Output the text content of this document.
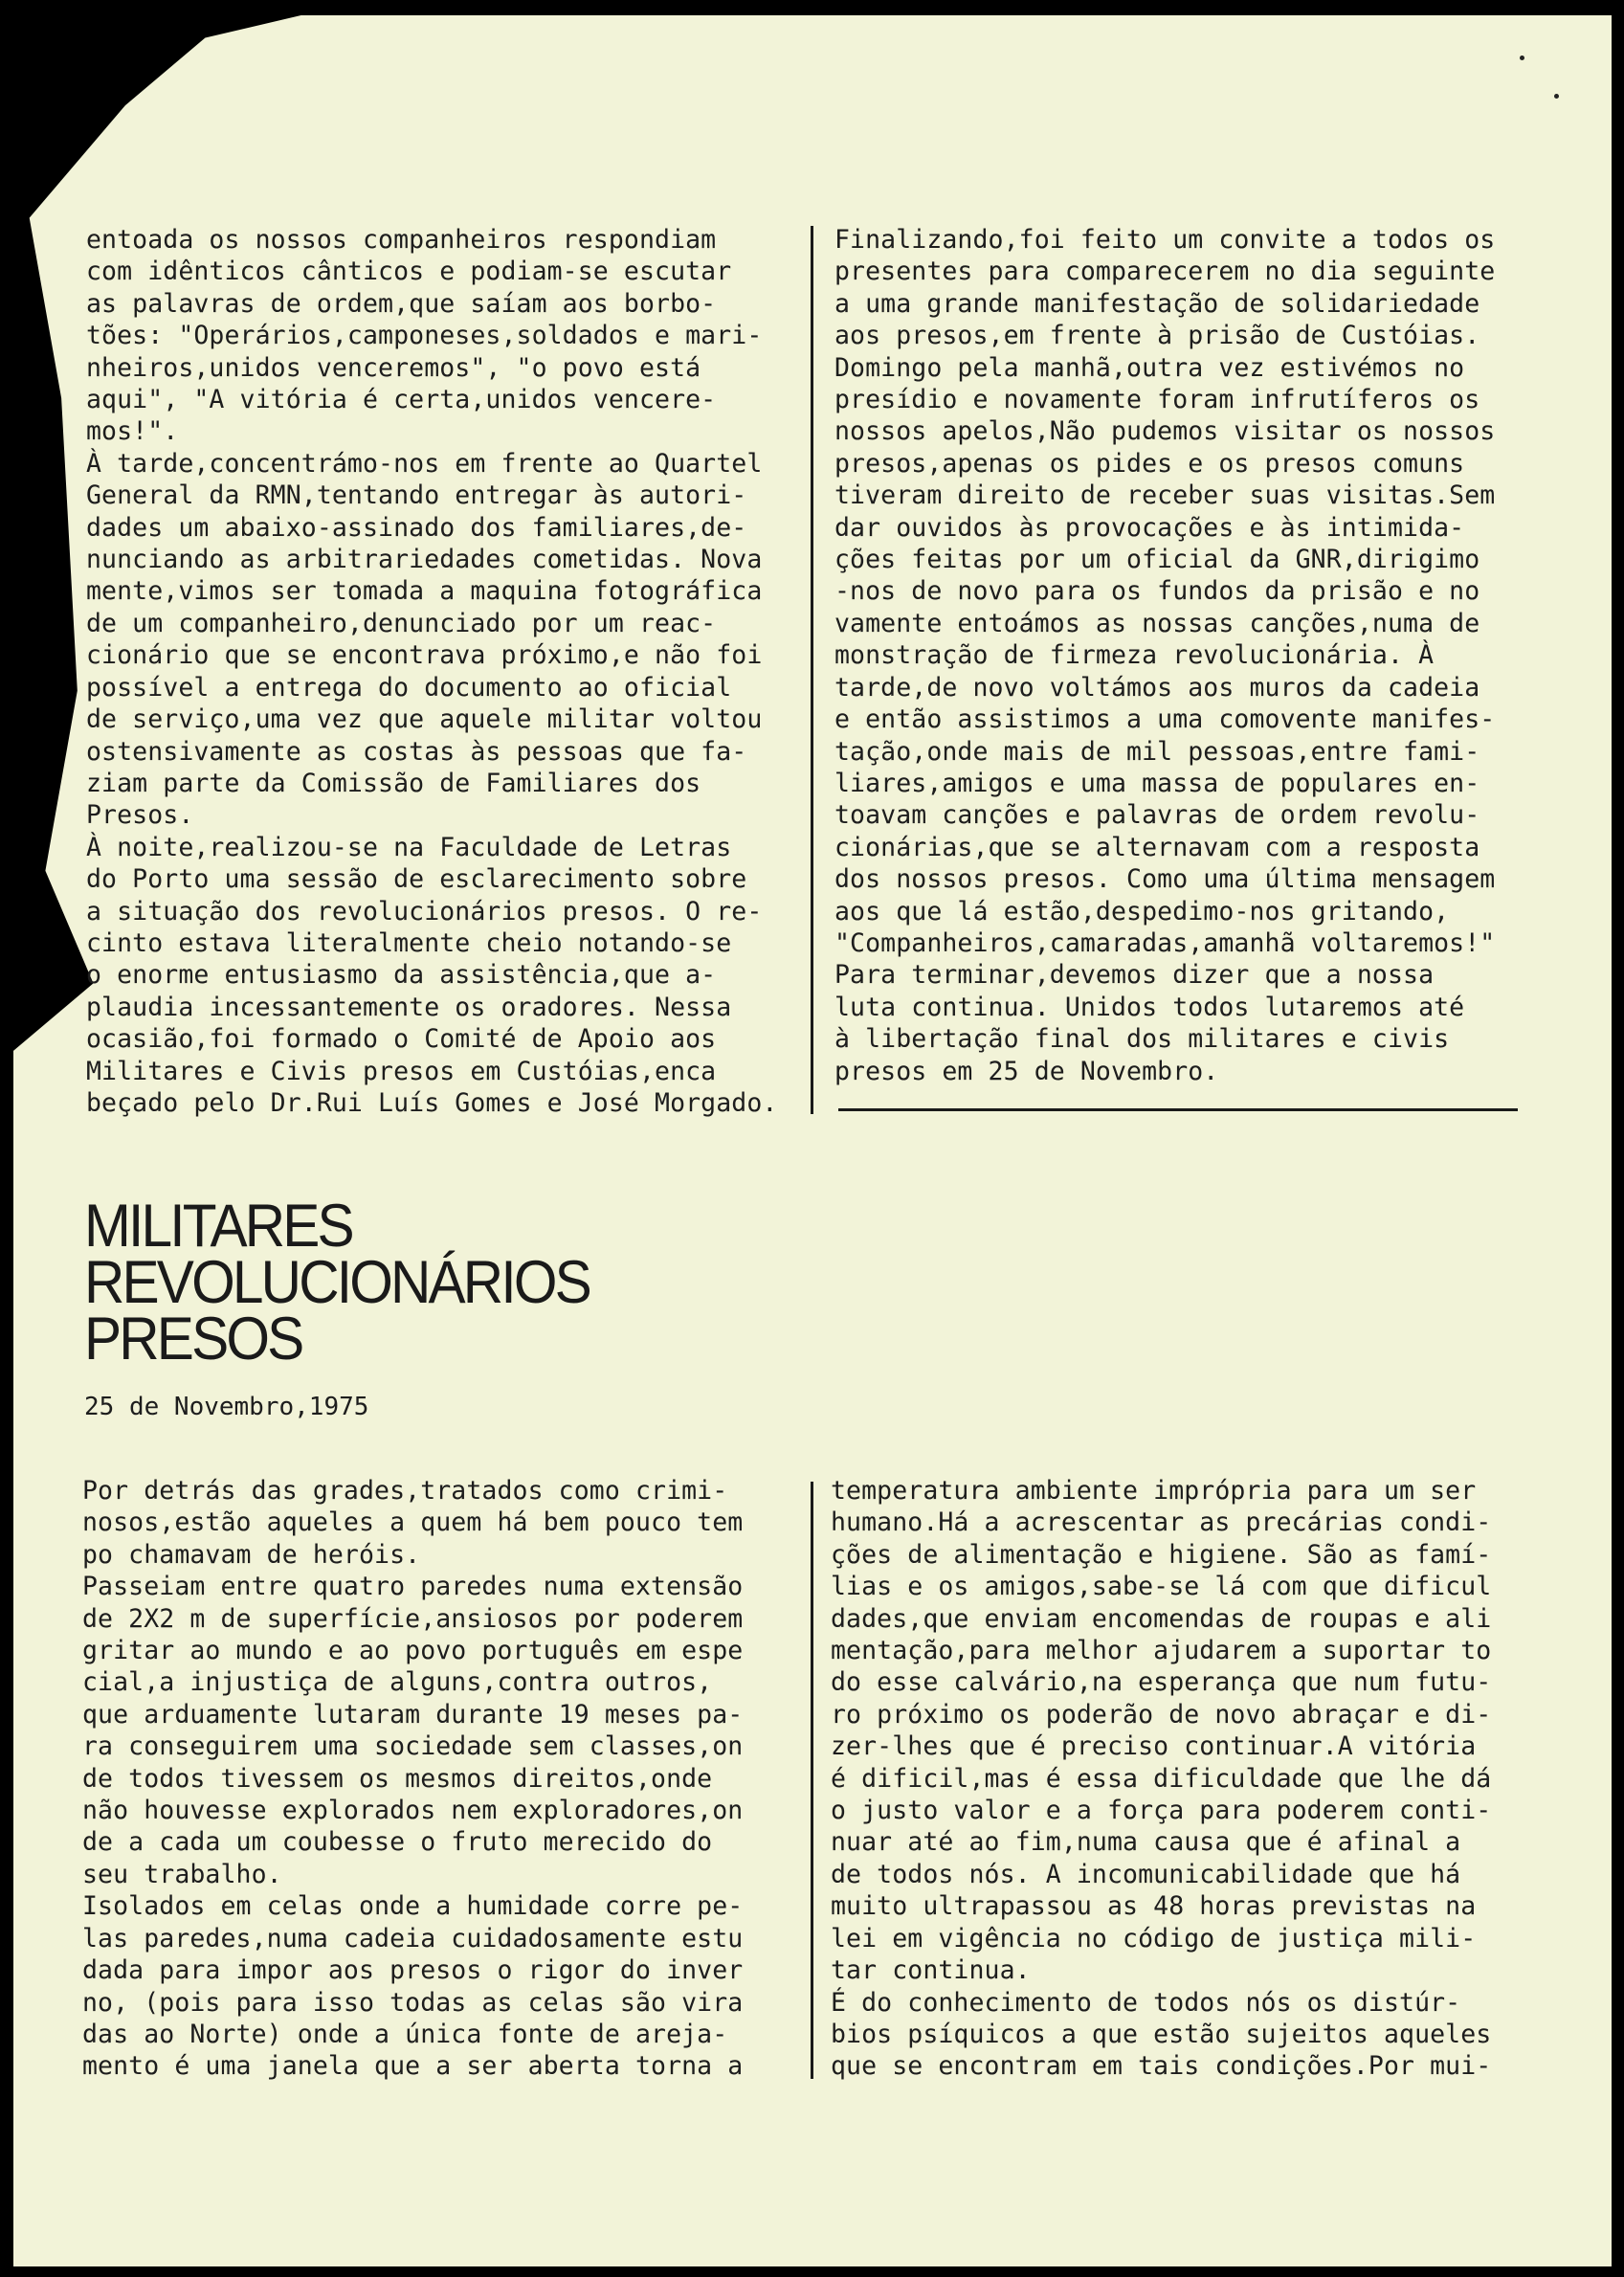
entoada os nossos companheiros respondiam
com idênticos cânticos e podiam-se escutar
as palavras de ordem,que saíam aos borbo-
tões: "Operários,camponeses,soldados e mari-
nheiros,unidos venceremos", "o povo está
aqui", "A vitória é certa,unidos vencere-
mos!".
À tarde,concentrámo-nos em frente ao Quartel
General da RMN,tentando entregar às autori-
dades um abaixo-assinado dos familiares,de-
nunciando as arbitrariedades cometidas. Nova
mente,vimos ser tomada a maquina fotográfica
de um companheiro,denunciado por um reac-
cionário que se encontrava próximo,e não foi
possível a entrega do documento ao oficial
de serviço,uma vez que aquele militar voltou
ostensivamente as costas às pessoas que fa-
ziam parte da Comissão de Familiares dos
Presos.
À noite,realizou-se na Faculdade de Letras
do Porto uma sessão de esclarecimento sobre
a situação dos revolucionários presos. O re-
cinto estava literalmente cheio notando-se
o enorme entusiasmo da assistência,que a-
plaudia incessantemente os oradores. Nessa
ocasião,foi formado o Comité de Apoio aos
Militares e Civis presos em Custóias,enca
beçado pelo Dr.Rui Luís Gomes e José Morgado.
Finalizando,foi feito um convite a todos os
presentes para comparecerem no dia seguinte
a uma grande manifestação de solidariedade
aos presos,em frente à prisão de Custóias.
Domingo pela manhã,outra vez estivémos no
presídio e novamente foram infrutíferos os
nossos apelos,Não pudemos visitar os nossos
presos,apenas os pides e os presos comuns
tiveram direito de receber suas visitas.Sem
dar ouvidos às provocações e às intimida-
ções feitas por um oficial da GNR,dirigimo
-nos de novo para os fundos da prisão e no
vamente entoámos as nossas canções,numa de
monstração de firmeza revolucionária. À
tarde,de novo voltámos aos muros da cadeia
e então assistimos a uma comovente manifes-
tação,onde mais de mil pessoas,entre fami-
liares,amigos e uma massa de populares en-
toavam canções e palavras de ordem revolu-
cionárias,que se alternavam com a resposta
dos nossos presos. Como uma última mensagem
aos que lá estão,despedimo-nos gritando,
"Companheiros,camaradas,amanhã voltaremos!"
Para terminar,devemos dizer que a nossa
luta continua. Unidos todos lutaremos até
à libertação final dos militares e civis
presos em 25 de Novembro.
MILITARES
REVOLUCIONÁRIOS
PRESOS
25 de Novembro,1975
Por detrás das grades,tratados como crimi-
nosos,estão aqueles a quem há bem pouco tem
po chamavam de heróis.
Passeiam entre quatro paredes numa extensão
de 2X2 m de superfície,ansiosos por poderem
gritar ao mundo e ao povo português em espe
cial,a injustiça de alguns,contra outros,
que arduamente lutaram durante 19 meses pa-
ra conseguirem uma sociedade sem classes,on
de todos tivessem os mesmos direitos,onde
não houvesse explorados nem exploradores,on
de a cada um coubesse o fruto merecido do
seu trabalho.
Isolados em celas onde a humidade corre pe-
las paredes,numa cadeia cuidadosamente estu
dada para impor aos presos o rigor do inver
no, (pois para isso todas as celas são vira
das ao Norte) onde a única fonte de areja-
mento é uma janela que a ser aberta torna a
temperatura ambiente imprópria para um ser
humano.Há a acrescentar as precárias condi-
ções de alimentação e higiene. São as famí-
lias e os amigos,sabe-se lá com que dificul
dades,que enviam encomendas de roupas e ali
mentação,para melhor ajudarem a suportar to
do esse calvário,na esperança que num futu-
ro próximo os poderão de novo abraçar e di-
zer-lhes que é preciso continuar.A vitória
é dificil,mas é essa dificuldade que lhe dá
o justo valor e a força para poderem conti-
nuar até ao fim,numa causa que é afinal a
de todos nós. A incomunicabilidade que há
muito ultrapassou as 48 horas previstas na
lei em vigência no código de justiça mili-
tar continua.
É do conhecimento de todos nós os distúr-
bios psíquicos a que estão sujeitos aqueles
que se encontram em tais condições.Por mui-
